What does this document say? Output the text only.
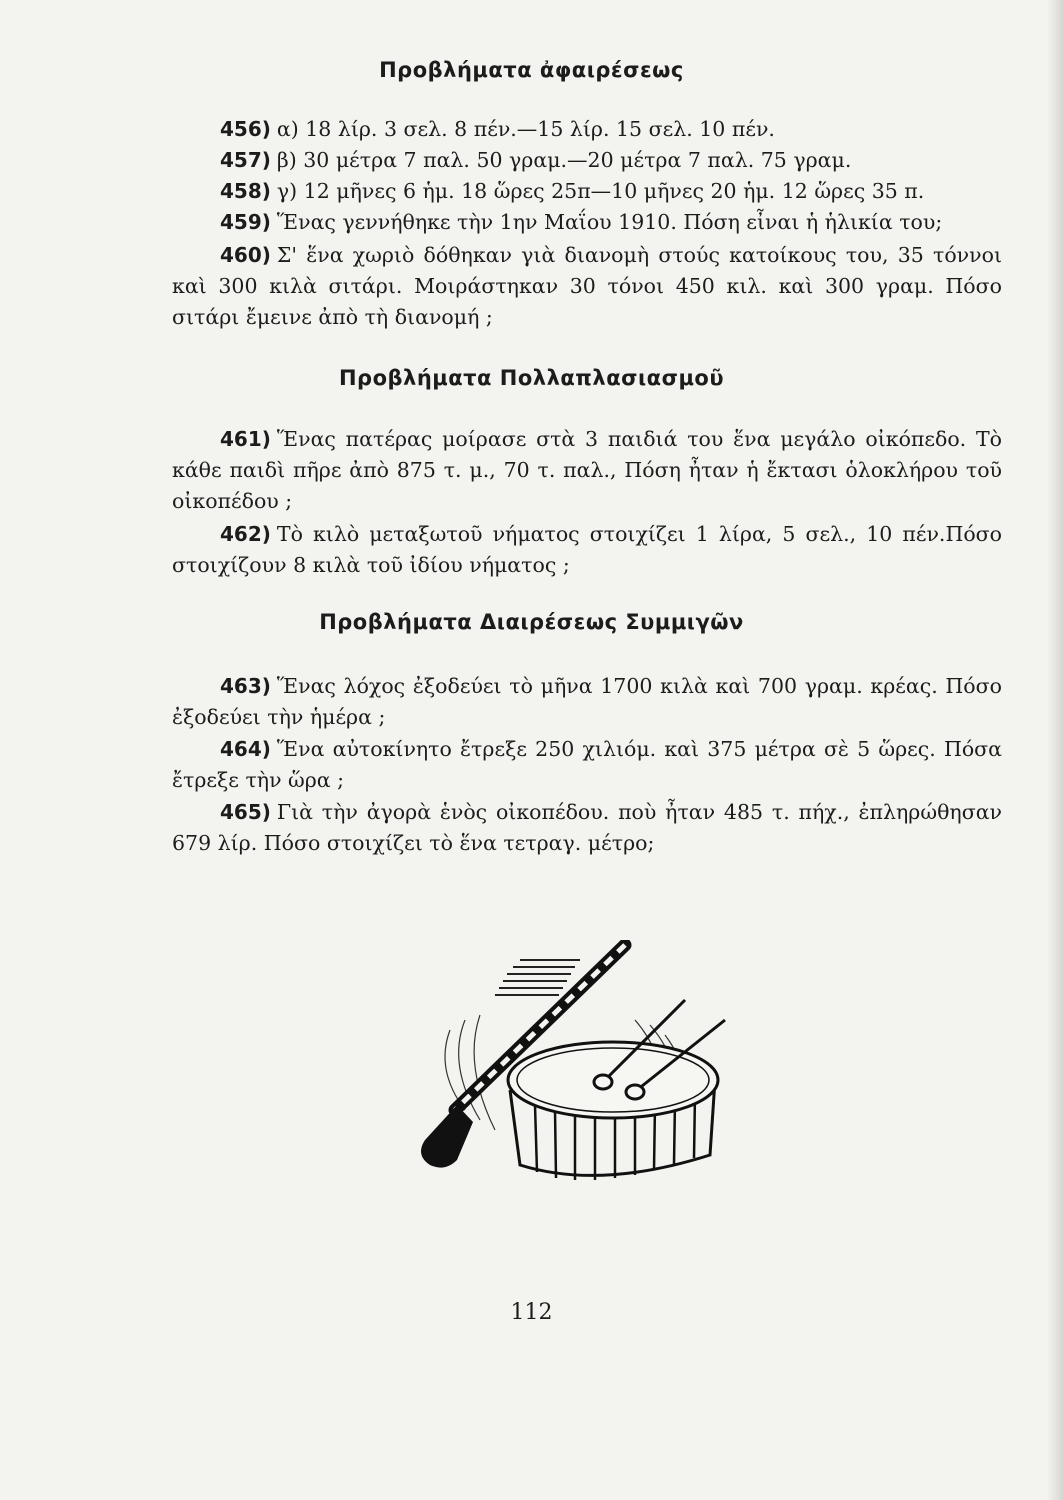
Προβλήματα ἀφαιρέσεως

456) α) 18 λίρ. 3 σελ. 8 πέν.—15 λίρ. 15 σελ. 10 πέν.

457) β) 30 μέτρα 7 παλ. 50 γραμ.—20 μέτρα 7 παλ. 75 γραμ.

458) γ) 12 μῆνες 6 ἡμ. 18 ὥρες 25π—10 μῆνες 20 ἡμ. 12 ὥρες 35 π.

459) Ἕνας γεννήθηκε τὴν 1ην Μαΐου 1910. Πόση εἶναι ἡ ἡλικία του;

460) Σ' ἕνα χωριὸ δόθηκαν γιὰ διανομὴ στούς κατοίκους του, 35 τόννοι καὶ 300 κιλὰ σιτάρι. Μοιράστηκαν 30 τόνοι 450 κιλ. καὶ 300 γραμ. Πόσο σιτάρι ἔμεινε ἀπὸ τὴ διανομή ;

Προβλήματα Πολλαπλασιασμοῦ

461) Ἕνας πατέρας μοίρασε στὰ 3 παιδιά του ἕνα μεγάλο οἰκόπεδο. Τὸ κάθε παιδὶ πῆρε ἀπὸ 875 τ. μ., 70 τ. παλ., Πόση ἦταν ἡ ἔκτασι ὁλοκλήρου τοῦ οἰκοπέδου ;

462) Τὸ κιλὸ μεταξωτοῦ νήματος στοιχίζει 1 λίρα, 5 σελ., 10 πέν.Πόσο στοιχίζουν 8 κιλὰ τοῦ ἰδίου νήματος ;

Προβλήματα Διαιρέσεως Συμμιγῶν

463) Ἕνας λόχος ἐξοδεύει τὸ μῆνα 1700 κιλὰ καὶ 700 γραμ. κρέας. Πόσο ἐξοδεύει τὴν ἡμέρα ;

464) Ἕνα αὐτοκίνητο ἔτρεξε 250 χιλιόμ. καὶ 375 μέτρα σὲ 5 ὥρες. Πόσα ἔτρεξε τὴν ὥρα ;

465) Γιὰ τὴν ἀγορὰ ἑνὸς οἰκοπέδου. ποὺ ἦταν 485 τ. πήχ., ἐπληρώθησαν 679 λίρ. Πόσο στοιχίζει τὸ ἕνα τετραγ. μέτρο;

112
